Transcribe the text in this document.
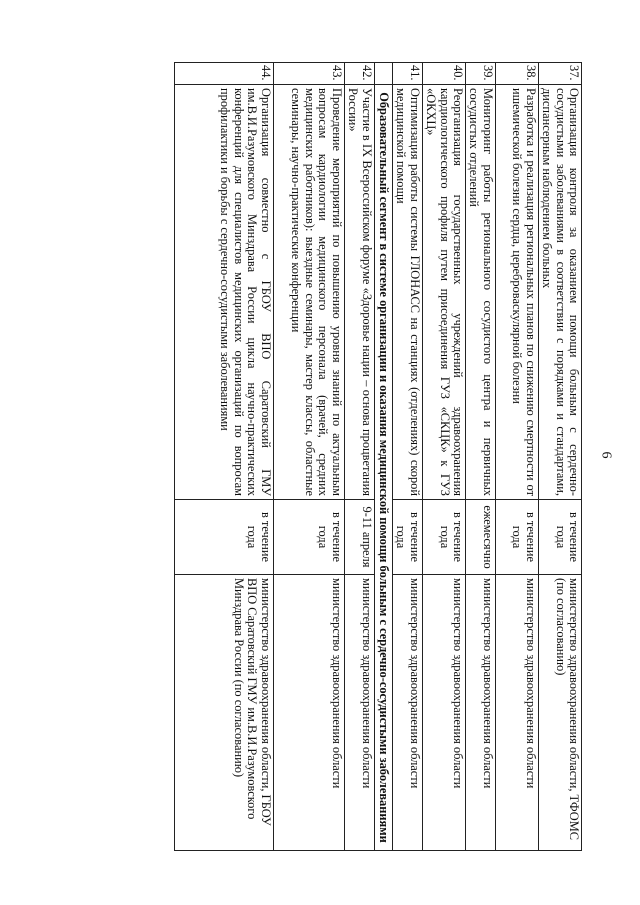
6
37.	Организация контроля за оказанием помощи больным с сердечно-сосудистыми заболеваниями в соответствии с порядками и стандартами, диспансерным наблюдением больных	в течение года	министерство здравоохранения области, ТФОМС (по согласованию)
38.	Разработка и реализация региональных планов по снижению смертности от ишемической болезни сердца, цереброваскулярной болезни	в течение года	министерство здравоохранения области
39.	Мониторинг работы регионального сосудистого центра и первичных сосудистых отделений	ежемесячно	министерство здравоохранения области
40.	Реорганизация государственных учреждений здравоохранения кардиологического профиля путем присоединения ГУЗ «СКЦК» к ГУЗ «ОКХЦ»	в течение года	министерство здравоохранения области
41.	Оптимизация работы системы ГЛОНАСС на станциях (отделениях) скорой медицинской помощи	в течение года	министерство здравоохранения области
	Образовательный сегмент в системе организации и оказания медицинской помощи больным с сердечно-сосудистыми заболеваниями		
42.	Участие в IX Всероссийском форуме «Здоровье нации – основа процветания России»	9-11 апреля	министерство здравоохранения области
43.	Проведение мероприятий по повышению уровня знаний по актуальным вопросам кардиологии медицинского персонала (врачей, средних медицинских работников): выездные семинары, мастер классы, областные семинары, научно-практические конференции	в течение года	министерство здравоохранения области
44.	Организация совместно с ГБОУ ВПО Саратовский ГМУ им.В.И.Разумовского Минздрава России цикла научно-практических конференций для специалистов медицинских организаций по вопросам профилактики и борьбы с сердечно-сосудистыми заболеваниями	в течение года	министерство здравоохранения области, ГБОУ ВПО Саратовский ГМУ им.В.И.Разумовского Минздрава России (по согласованию)
